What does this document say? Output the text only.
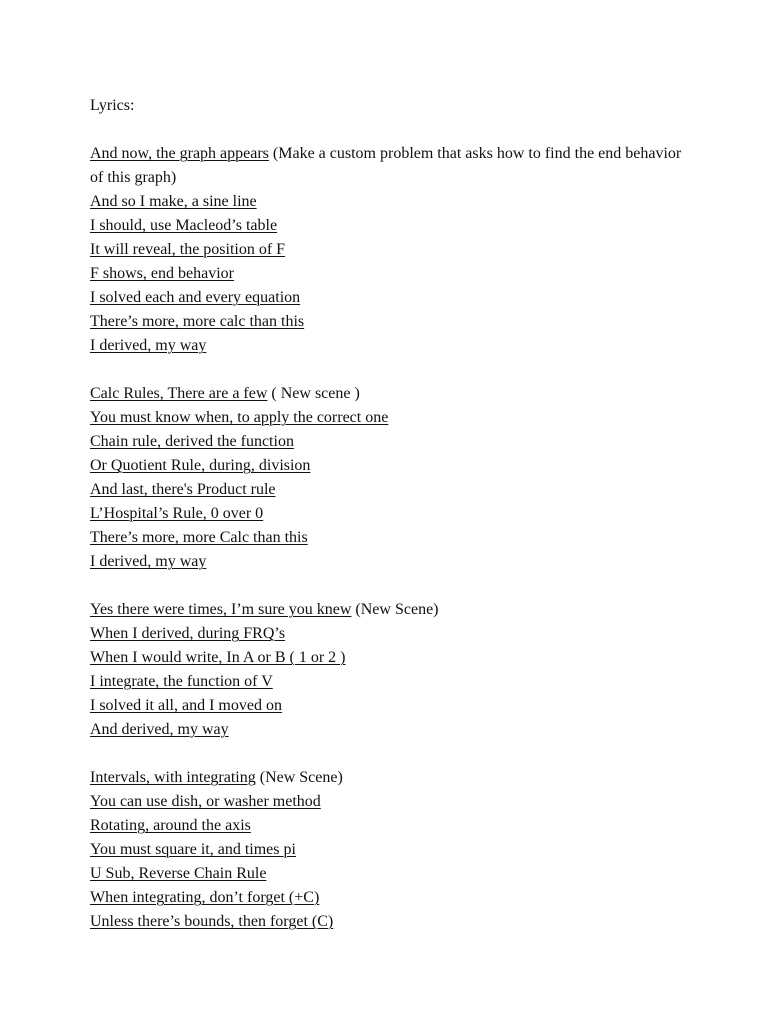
Lyrics:

And now, the graph appears (Make a custom problem that asks how to find the end behavior of this graph)

And so I make, a sine line

I should, use Macleod’s table

It will reveal, the position of F

F shows, end behavior

I solved each and every equation

There’s more, more calc than this

I derived, my way

Calc Rules, There are a few ( New scene )

You must know when, to apply the correct one

Chain rule, derived the function

Or Quotient Rule, during, division

And last, there's Product rule

L’Hospital’s Rule, 0 over 0

There’s more, more Calc than this

I derived, my way

Yes there were times, I’m sure you knew (New Scene)

When I derived, during FRQ’s

When I would write, In A or B ( 1 or 2 )

I integrate, the function of V

I solved it all, and I moved on

And derived, my way

Intervals, with integrating (New Scene)

You can use dish, or washer method

Rotating, around the axis

You must square it, and times pi

U Sub, Reverse Chain Rule

When integrating, don’t forget (+C)

Unless there’s bounds, then forget (C)
